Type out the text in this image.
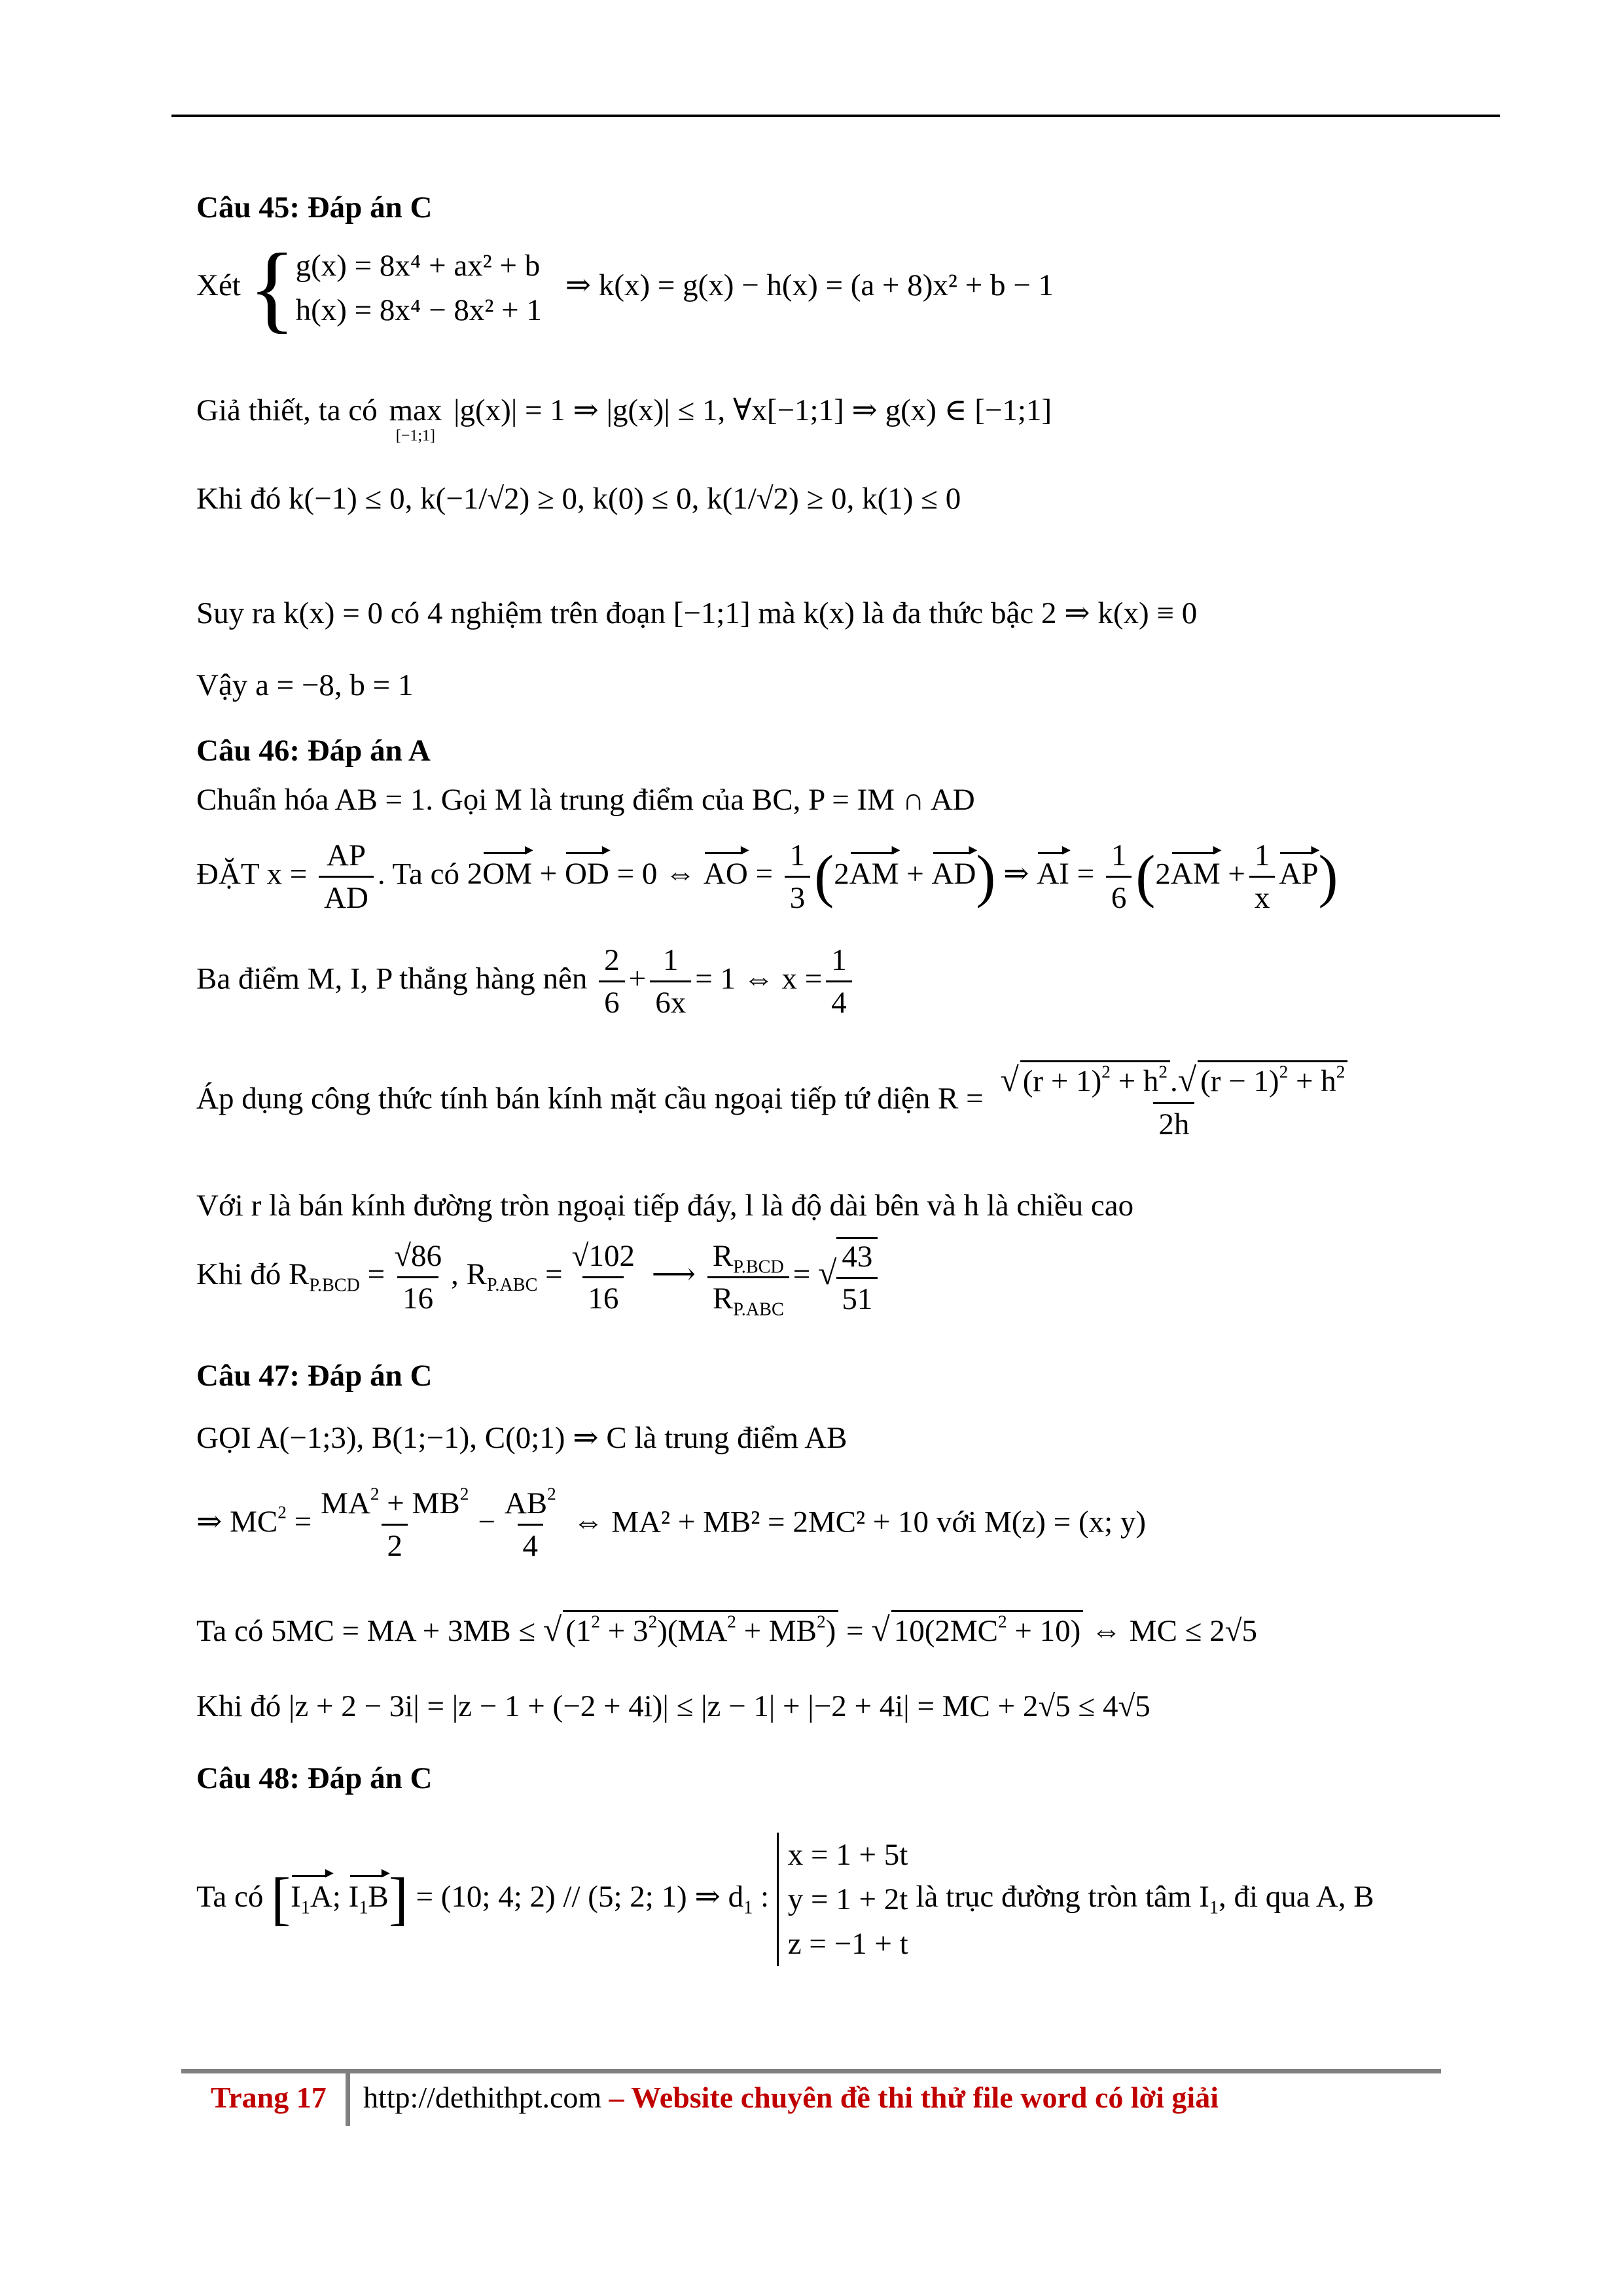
Câu 45: Đáp án C
Xét { g(x) = 8x⁴ + ax² + b
h(x) = 8x⁴ − 8x² + 1
⇒ k(x) = g(x) − h(x) = (a + 8)x² + b − 1
Giả thiết, ta có max
[−1;1]
|g(x)| = 1 ⇒ |g(x)| ≤ 1, ∀x[−1;1] ⇒ g(x) ∈ [−1;1]
Khi đó k(−1) ≤ 0, k(−1/√2) ≥ 0, k(0) ≤ 0, k(1/√2) ≥ 0, k(1) ≤ 0
Suy ra k(x) = 0 có 4 nghiệm trên đoạn [−1;1] mà k(x) là đa thức bậc 2 ⇒ k(x) ≡ 0
Vậy a = −8, b = 1
Câu 46: Đáp án A
Chuẩn hóa AB = 1. Gọi M là trung điểm của BC, P = IM ∩ AD
ĐẶT $x = \frac{AP}{AD}$ . Ta có 2OM ▸ + OD ▸ = 0 ⇔ AO ▸ = $\frac{1}{3} (2AM$ ▸ + AD ▸) ⇒ AI ▸ = $\frac{1}{6} (2AM$ ▸ + $\frac{1}{x}$ AP ▸)
Ba điểm M, I, P thẳng hàng nên $\frac{2}{6} + \frac{1}{6x} = 1$ ⇔ $x = \frac{1}{4}$
Áp dụng công thức tính bán kính mặt cầu ngoại tiếp tứ diện $R = \frac{√ (r + 1)^2 + h^2.√ (r - 1)^2 + h^2}{2h}$
Với r là bán kính đường tròn ngoại tiếp đáy, l là độ dài bên và h là chiều cao
Khi đó $R_{P.BCD} = \frac{√86}{16}$ , $R_{P.ABC} = \frac{√102}{16}$ ⟶ $\frac{R_{P.BCD}}{R_{P.ABC}}$ = √ $\frac{43}{51}$
Câu 47: Đáp án C
GỌI A(−1;3), B(1;−1), C(0;1) ⇒ C là trung điểm AB
⇒ $MC^2 = \frac{MA^2 + MB^2}{2} - \frac{AB^2}{4}$ ⇔ MA² + MB² = 2MC² + 10 với M(z) = (x; y)
Ta có 5MC = MA + 3MB ≤ √ $(1^2 + 3^2)(MA^2 + MB^2)$ = √ $10(2MC^2 + 10)$ ⇔ MC ≤ 2√5
Khi đó |z + 2 − 3i| = |z − 1 + (−2 + 4i)| ≤ |z − 1| + |−2 + 4i| = MC + 2√5 ≤ 4√5
Câu 48: Đáp án C
Ta có [$I_1A$ ▸; $I_1B$ ▸] = (10; 4; 2) // (5; 2; 1) ⇒ $d_1$ :
x = 1 + 5t
y = 1 + 2t
z = −1 + t
là trục đường tròn tâm $I_1$, đi qua A, B
Trang 17 http://dethithpt.com – Website chuyên đề thi thử file word có lời giải
